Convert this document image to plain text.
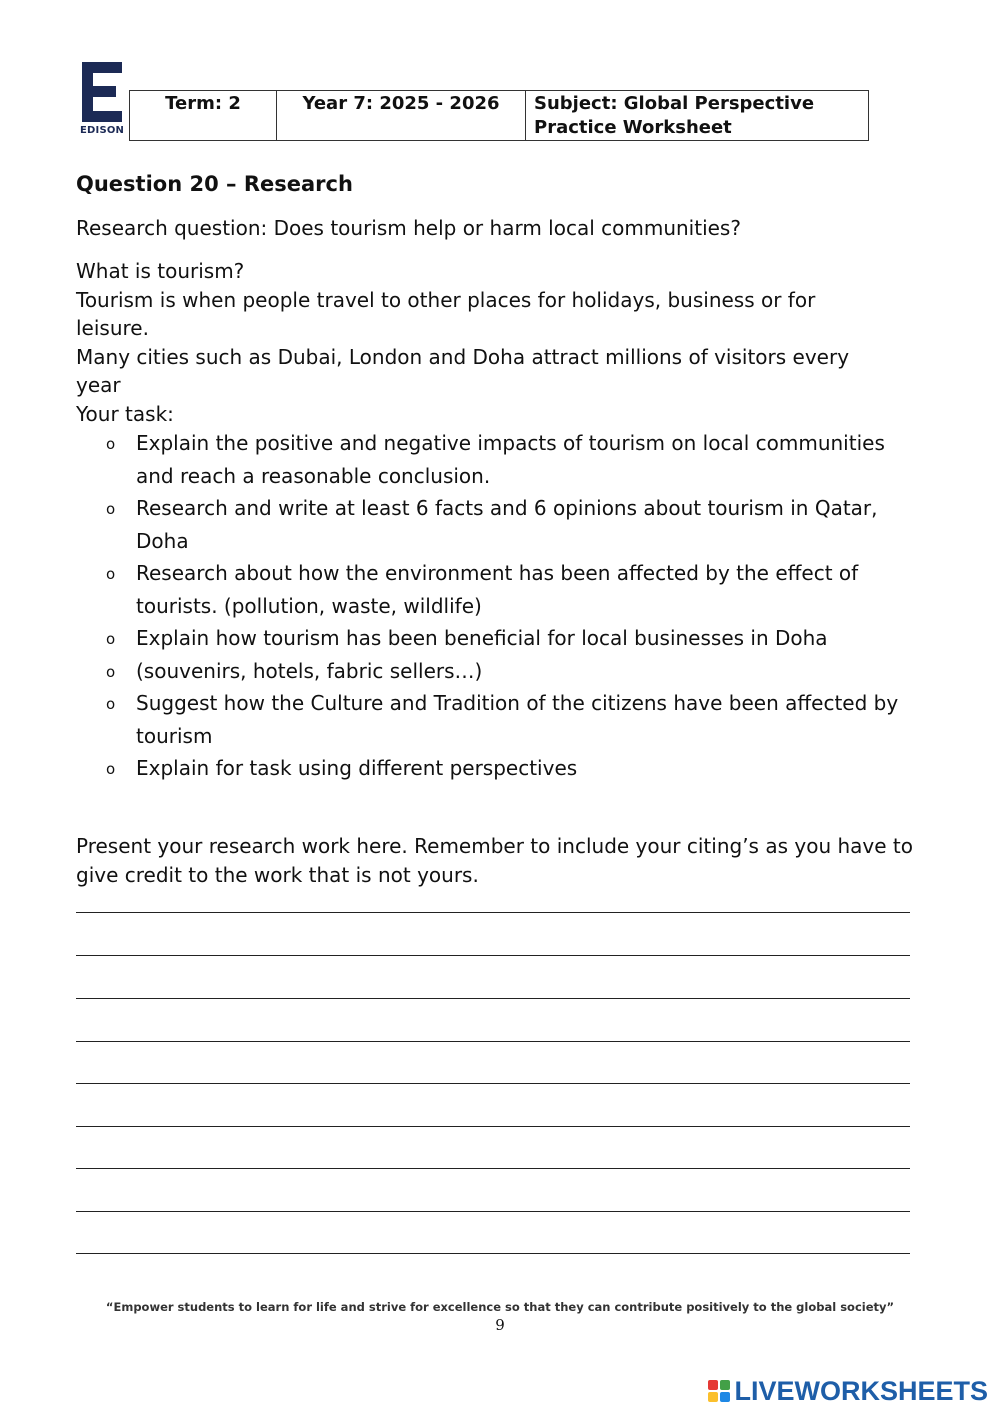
EDISON
Term: 2	Year 7: 2025 - 2026	Subject: Global Perspective
Practice Worksheet
Question 20 – Research
Research question: Does tourism help or harm local communities?
What is tourism?
Tourism is when people travel to other places for holidays, business or for leisure.
Many cities such as Dubai, London and Doha attract millions of visitors every year
Your task:
o Explain the positive and negative impacts of tourism on local communities and reach a reasonable conclusion.
o Research and write at least 6 facts and 6 opinions about tourism in Qatar, Doha
o Research about how the environment has been affected by the effect of tourists. (pollution, waste, wildlife)
o Explain how tourism has been beneficial for local businesses in Doha
o (souvenirs, hotels, fabric sellers…)
o Suggest how the Culture and Tradition of the citizens have been affected by tourism
o Explain for task using different perspectives
Present your research work here. Remember to include your citing’s as you have to give credit to the work that is not yours.
“Empower students to learn for life and strive for excellence so that they can contribute positively to the global society”
9
LIVEWORKSHEETS
